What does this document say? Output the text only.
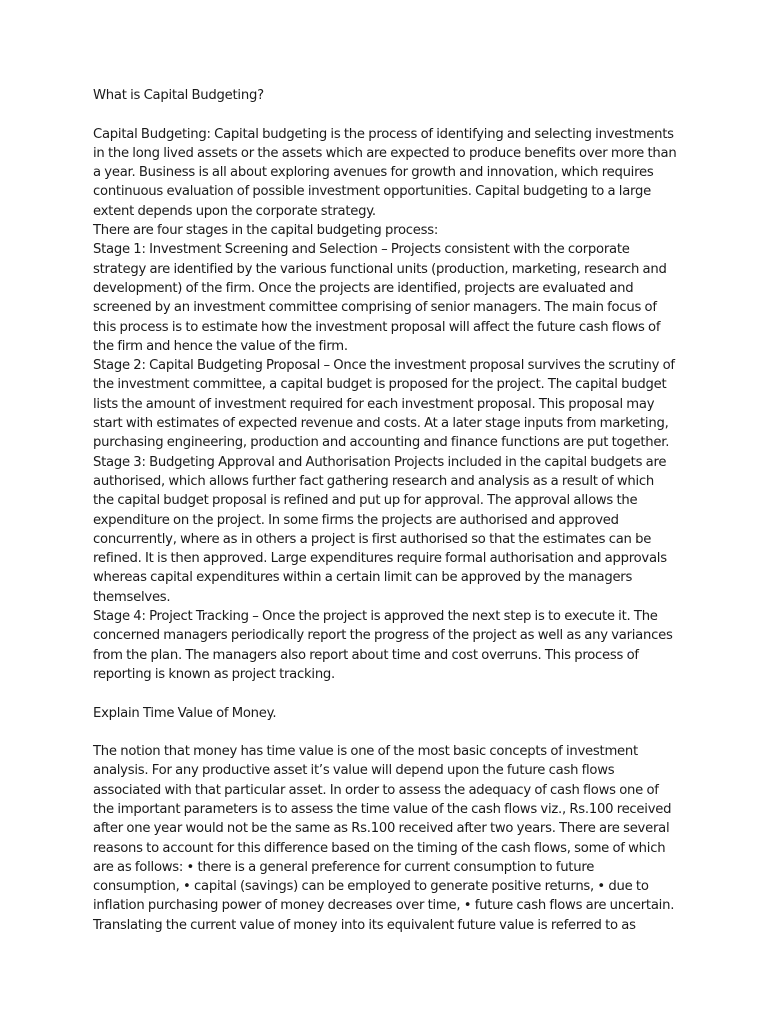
What is Capital Budgeting?

Capital Budgeting: Capital budgeting is the process of identifying and selecting investments in the long lived assets or the assets which are expected to produce benefits over more than a year. Business is all about exploring avenues for growth and innovation, which requires continuous evaluation of possible investment opportunities. Capital budgeting to a large extent depends upon the corporate strategy.

There are four stages in the capital budgeting process:

Stage 1: Investment Screening and Selection – Projects consistent with the corporate strategy are identified by the various functional units (production, marketing, research and development) of the firm. Once the projects are identified, projects are evaluated and screened by an investment committee comprising of senior managers. The main focus of this process is to estimate how the investment proposal will affect the future cash flows of the firm and hence the value of the firm.

Stage 2: Capital Budgeting Proposal – Once the investment proposal survives the scrutiny of the investment committee, a capital budget is proposed for the project. The capital budget lists the amount of investment required for each investment proposal. This proposal may start with estimates of expected revenue and costs. At a later stage inputs from marketing, purchasing engineering, production and accounting and finance functions are put together.

Stage 3: Budgeting Approval and Authorisation Projects included in the capital budgets are authorised, which allows further fact gathering research and analysis as a result of which the capital budget proposal is refined and put up for approval. The approval allows the expenditure on the project. In some firms the projects are authorised and approved concurrently, where as in others a project is first authorised so that the estimates can be refined. It is then approved. Large expenditures require formal authorisation and approvals whereas capital expenditures within a certain limit can be approved by the managers themselves.

Stage 4: Project Tracking – Once the project is approved the next step is to execute it. The concerned managers periodically report the progress of the project as well as any variances from the plan. The managers also report about time and cost overruns. This process of reporting is known as project tracking.

Explain Time Value of Money.

The notion that money has time value is one of the most basic concepts of investment analysis. For any productive asset it’s value will depend upon the future cash flows associated with that particular asset. In order to assess the adequacy of cash flows one of the important parameters is to assess the time value of the cash flows viz., Rs.100 received after one year would not be the same as Rs.100 received after two years. There are several reasons to account for this difference based on the timing of the cash flows, some of which are as follows: • there is a general preference for current consumption to future consumption, • capital (savings) can be employed to generate positive returns, • due to inflation purchasing power of money decreases over time, • future cash flows are uncertain. Translating the current value of money into its equivalent future value is referred to as
